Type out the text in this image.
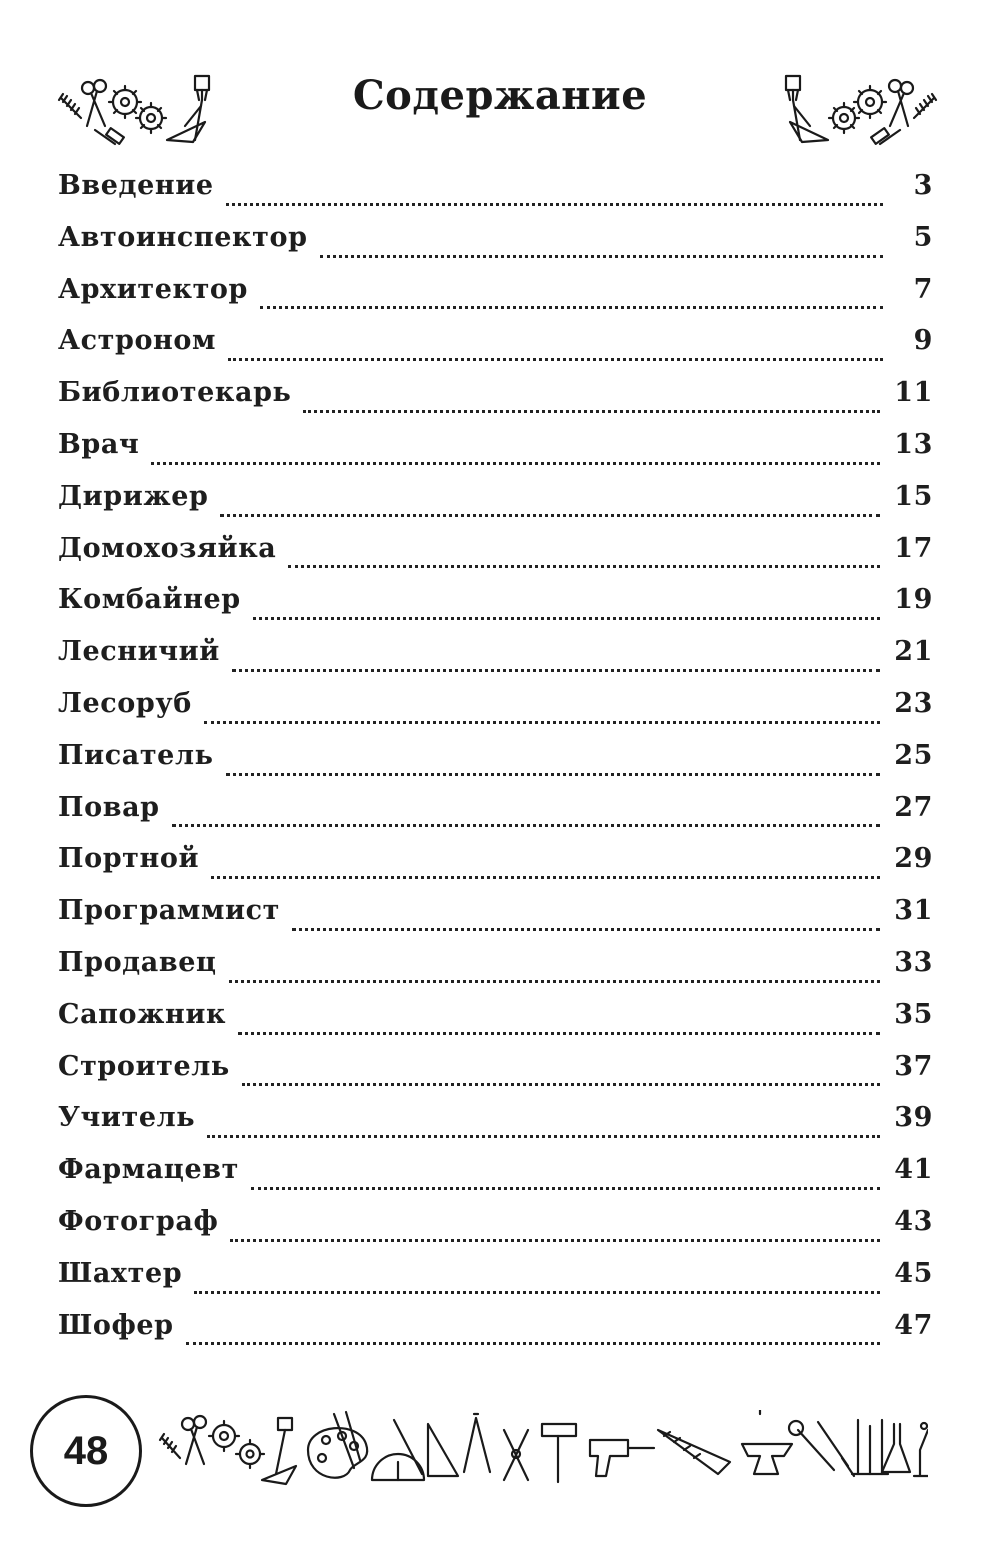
Содержание
Введение	3
Автоинспектор	5
Архитектор	7
Астроном	9
Библиотекарь	11
Врач	13
Дирижер	15
Домохозяйка	17
Комбайнер	19
Лесничий	21
Лесоруб	23
Писатель	25
Повар	27
Портной	29
Программист	31
Продавец	33
Сапожник	35
Строитель	37
Учитель	39
Фармацевт	41
Фотограф	43
Шахтер	45
Шофер	47
48
